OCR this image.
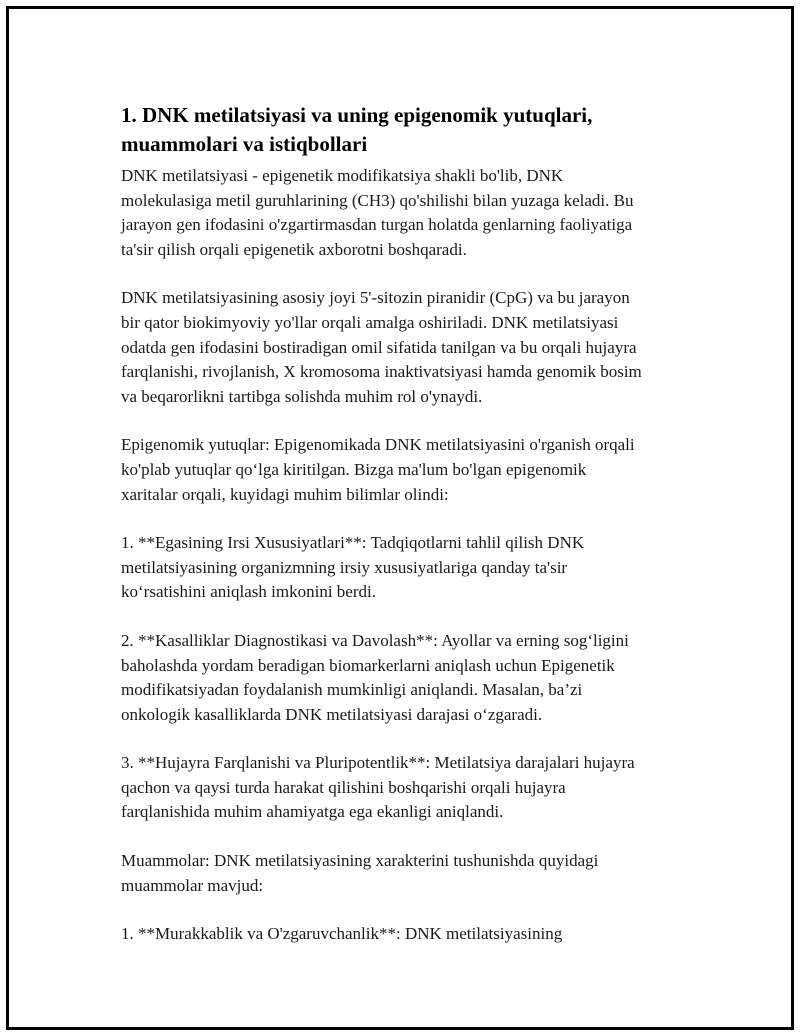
1. DNK metilatsiyasi va uning epigenomik yutuqlari,
muammolari va istiqbollari

DNK metilatsiyasi - epigenetik modifikatsiya shakli bo'lib, DNK
molekulasiga metil guruhlarining (CH3) qo'shilishi bilan yuzaga keladi. Bu
jarayon gen ifodasini o'zgartirmasdan turgan holatda genlarning faoliyatiga
ta'sir qilish orqali epigenetik axborotni boshqaradi.

DNK metilatsiyasining asosiy joyi 5'-sitozin piranidir (CpG) va bu jarayon
bir qator biokimyoviy yo'llar orqali amalga oshiriladi. DNK metilatsiyasi
odatda gen ifodasini bostiradigan omil sifatida tanilgan va bu orqali hujayra
farqlanishi, rivojlanish, X kromosoma inaktivatsiyasi hamda genomik bosim
va beqarorlikni tartibga solishda muhim rol o'ynaydi.

Epigenomik yutuqlar: Epigenomikada DNK metilatsiyasini o'rganish orqali
ko'plab yutuqlar qo‘lga kiritilgan. Bizga ma'lum bo'lgan epigenomik
xaritalar orqali, kuyidagi muhim bilimlar olindi:

1. **Egasining Irsi Xususiyatlari**: Tadqiqotlarni tahlil qilish DNK
metilatsiyasining organizmning irsiy xususiyatlariga qanday ta'sir
ko‘rsatishini aniqlash imkonini berdi.

2. **Kasalliklar Diagnostikasi va Davolash**: Ayollar va erning sog‘ligini
baholashda yordam beradigan biomarkerlarni aniqlash uchun Epigenetik
modifikatsiyadan foydalanish mumkinligi aniqlandi. Masalan, ba’zi
onkologik kasalliklarda DNK metilatsiyasi darajasi o‘zgaradi.

3. **Hujayra Farqlanishi va Pluripotentlik**: Metilatsiya darajalari hujayra
qachon va qaysi turda harakat qilishini boshqarishi orqali hujayra
farqlanishida muhim ahamiyatga ega ekanligi aniqlandi.

Muammolar: DNK metilatsiyasining xarakterini tushunishda quyidagi
muammolar mavjud:

1. **Murakkablik va O'zgaruvchanlik**: DNK metilatsiyasining
